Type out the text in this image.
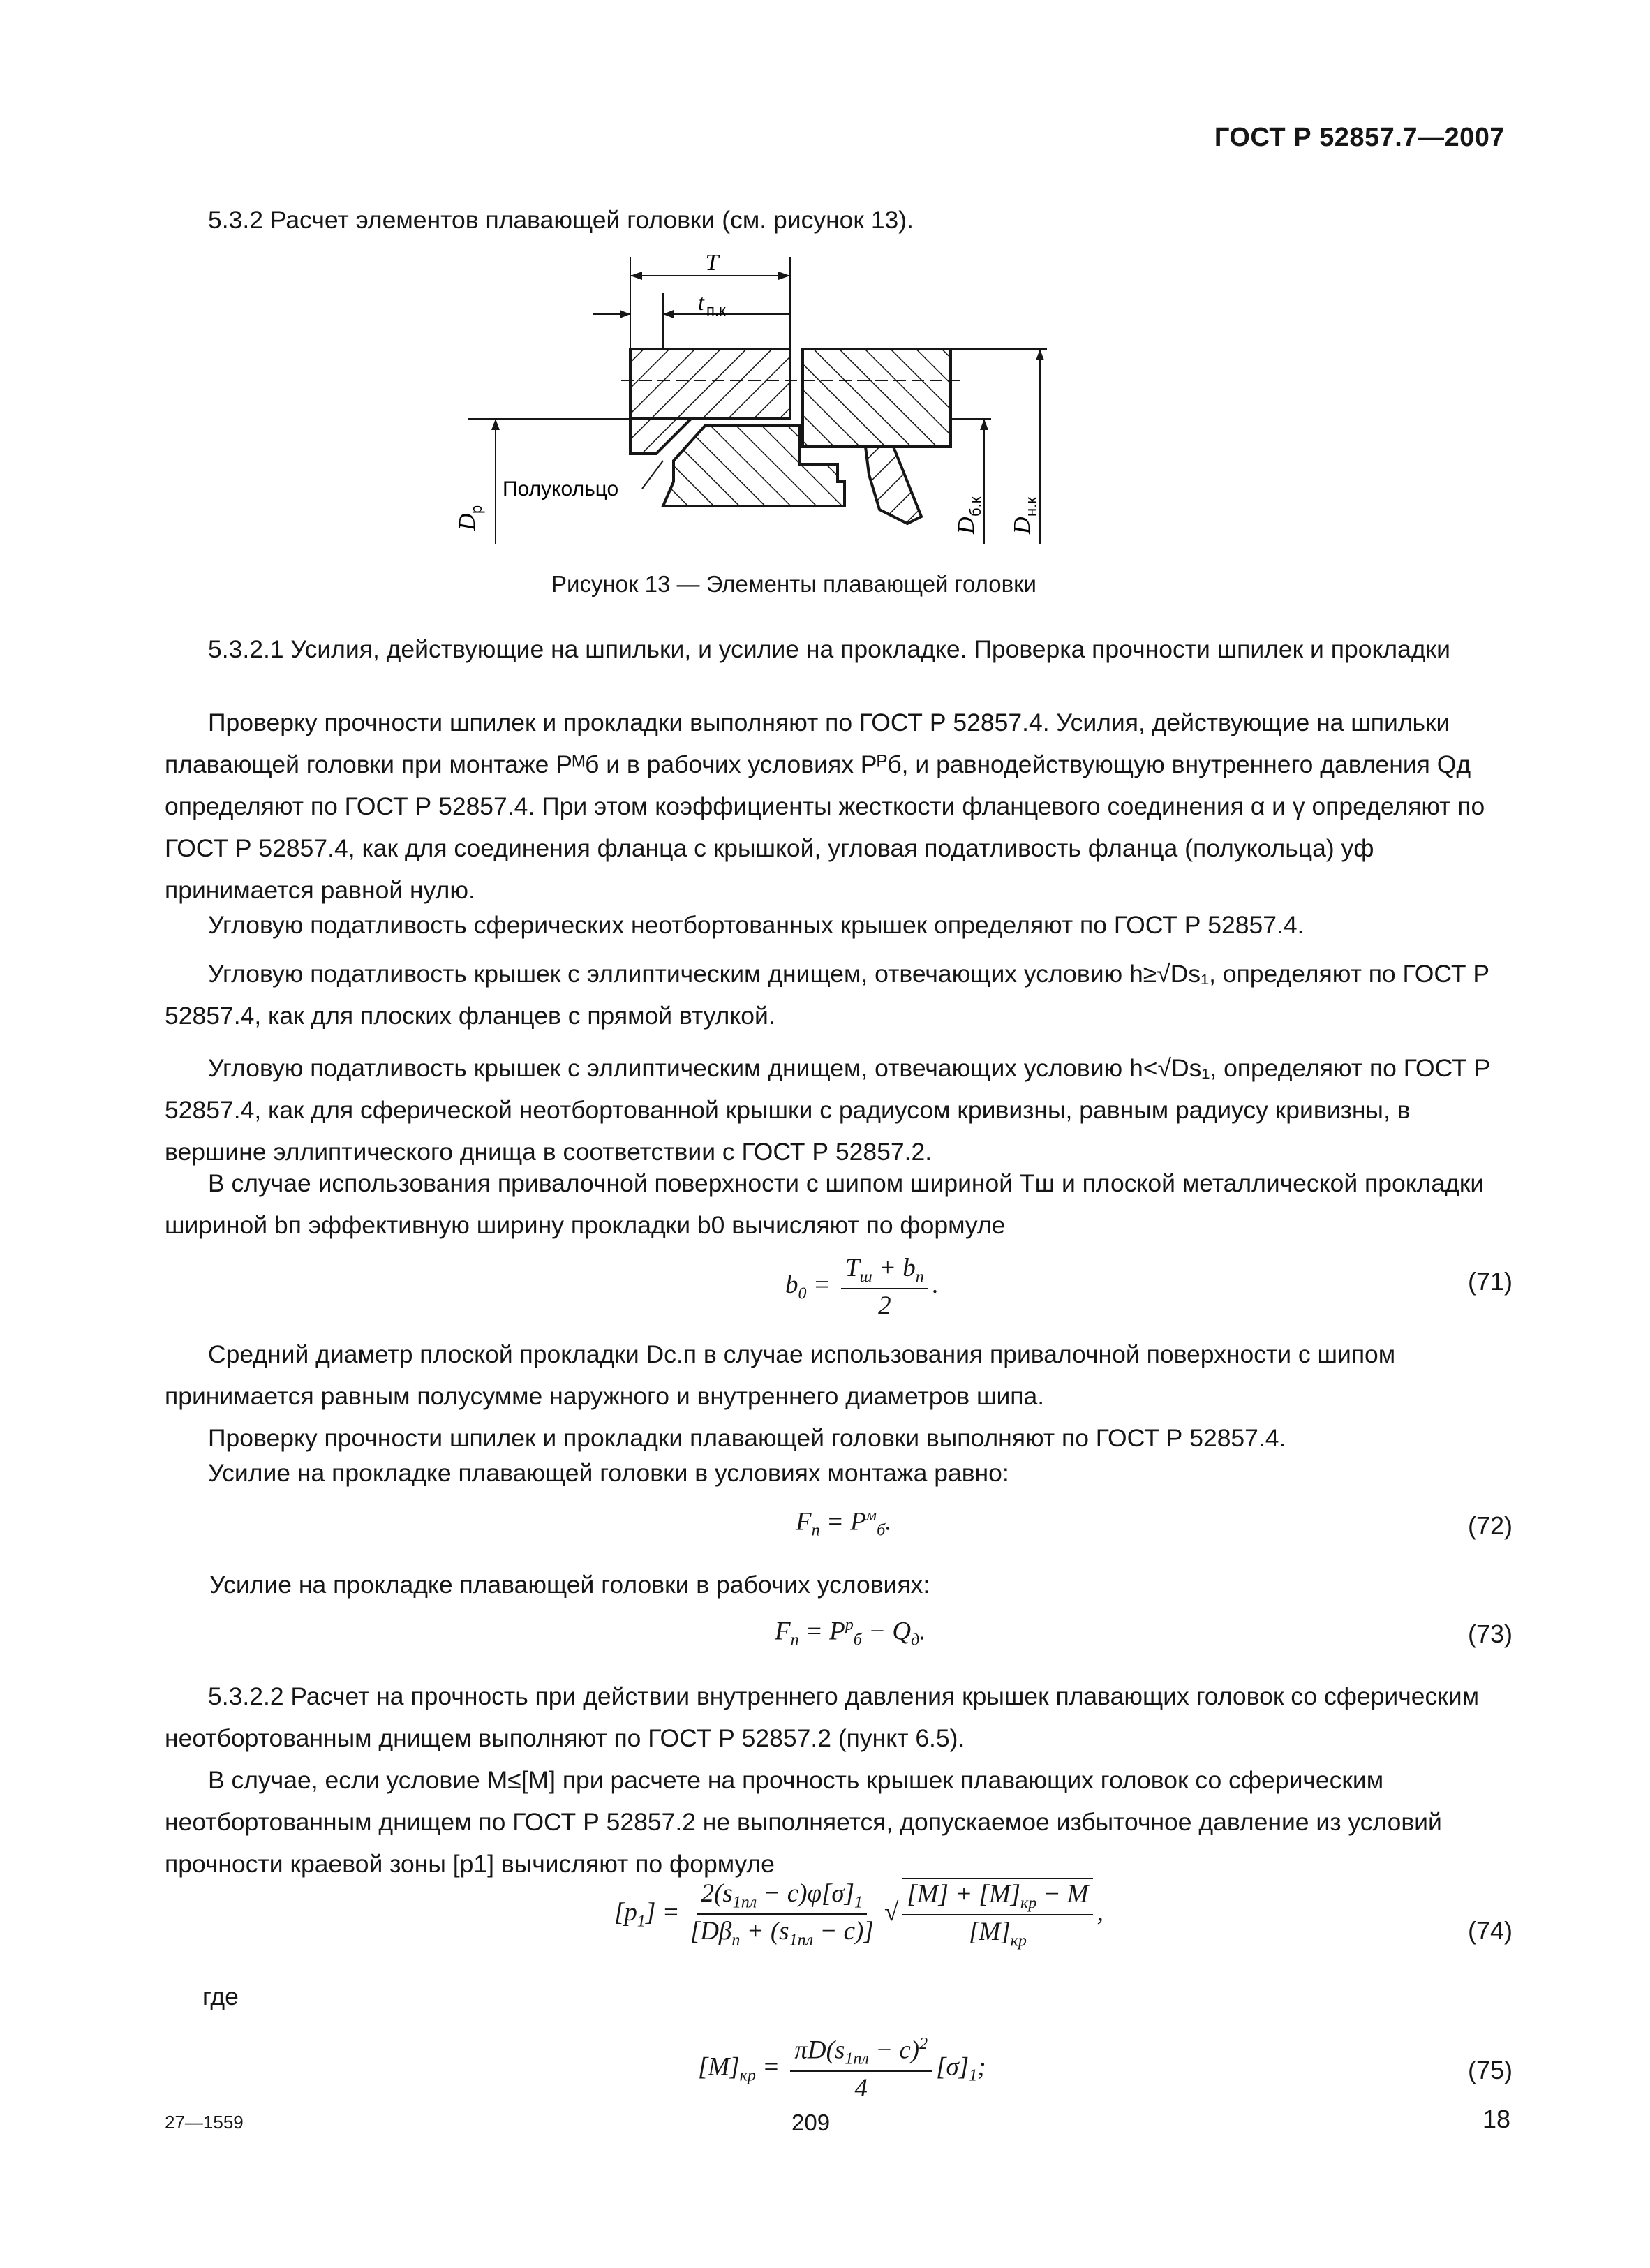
ГОСТ Р 52857.7—2007

5.3.2 Расчет элементов плавающей головки (см. рисунок 13).

T
t п.к
Полукольцо
D
р
D
б.к
D
н.к
Рисунок 13 — Элементы плавающей головки

5.3.2.1 Усилия, действующие на шпильки, и усилие на прокладке. Проверка прочности шпилек и прокладки

Проверку прочности шпилек и прокладки выполняют по ГОСТ Р 52857.4. Усилия, действующие на шпильки плавающей головки при монтаже Pᴹб и в рабочих условиях Pᴾб, и равнодействующую внутреннего давления Qд определяют по ГОСТ Р 52857.4. При этом коэффициенты жесткости фланцевого соединения α и γ определяют по ГОСТ Р 52857.4, как для соединения фланца с крышкой, угловая податливость фланца (полукольца) yф принимается равной нулю.

Угловую податливость сферических неотбортованных крышек определяют по ГОСТ Р 52857.4.

Угловую податливость крышек с эллиптическим днищем, отвечающих условию h≥√Ds₁, определяют по ГОСТ Р 52857.4, как для плоских фланцев с прямой втулкой.

Угловую податливость крышек с эллиптическим днищем, отвечающих условию h<√Ds₁, определяют по ГОСТ Р 52857.4, как для сферической неотбортованной крышки с радиусом кривизны, равным радиусу кривизны, в вершине эллиптического днища в соответствии с ГОСТ Р 52857.2.

В случае использования привалочной поверхности с шипом шириной Tш и плоской металлической прокладки шириной bп эффективную ширину прокладки b0 вычисляют по формуле

$b_0 = \frac{T_ш + b_п}{2}$ .	(71)

Средний диаметр плоской прокладки Dс.п в случае использования привалочной поверхности с шипом принимается равным полусумме наружного и внутреннего диаметров шипа.

Проверку прочности шпилек и прокладки плавающей головки выполняют по ГОСТ Р 52857.4.

Усилие на прокладке плавающей головки в условиях монтажа равно:

$F_п = P^м_б$.	(72)

Усилие на прокладке плавающей головки в рабочих условиях:

$F_п = P^р_б - Q_д$.	(73)

5.3.2.2 Расчет на прочность при действии внутреннего давления крышек плавающих головок со сферическим неотбортованным днищем выполняют по ГОСТ Р 52857.2 (пункт 6.5).

В случае, если условие M≤[M] при расчете на прочность крышек плавающих головок со сферическим неотбортованным днищем по ГОСТ Р 52857.2 не выполняется, допускаемое избыточное давление из условий прочности краевой зоны [p1] вычисляют по формуле

$[p_1] = \frac{2(s_{1пл} - c)\varphi[\sigma]_1}{[D\beta_п + (s_{1пл} - c)]}$ √ $\frac{[M] + [M]_{кр} - M}{[M]_{кр}}$ ,
(74)

где

$[M]_{кр} = \frac{\pi D(s_{1пл} - c)^2}{4} [\sigma]_1$;	(75)
27—1559	209	18
